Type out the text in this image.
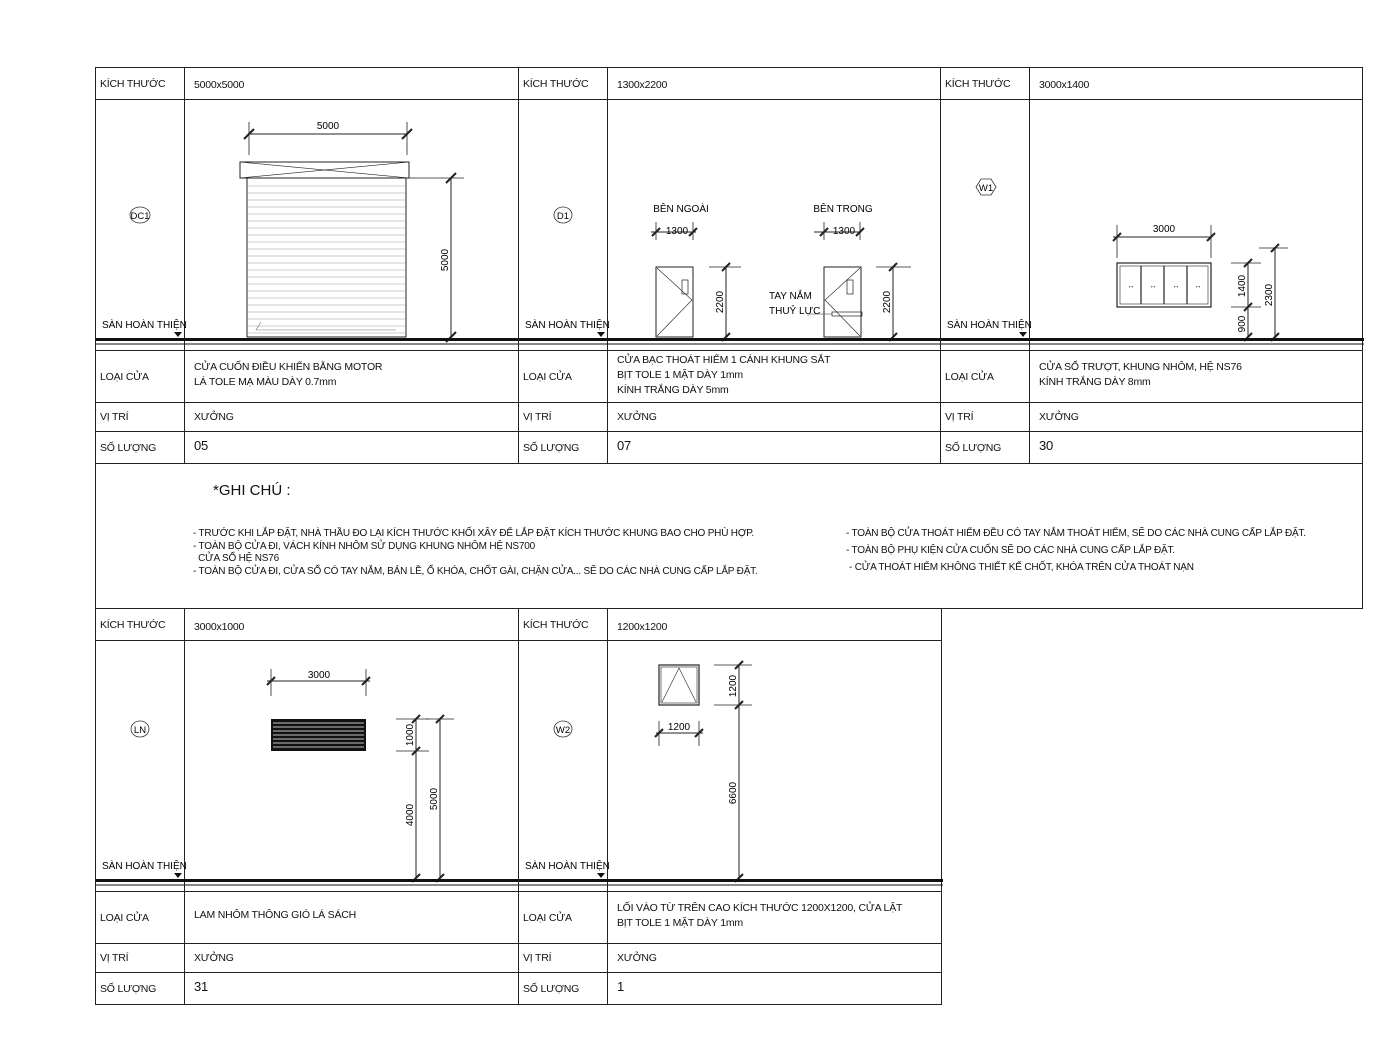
KÍCH THƯỚC	5000x5000
DC1
5000
5000
SÀN HOÀN THIỆN
LOẠI CỬA
CỬA CUỐN ĐIỀU KHIỂN BẰNG MOTOR
LÁ TOLE MẠ MÀU DÀY 0.7mm
VỊ TRÍ	XƯỞNG
SỐ LƯỢNG	05
KÍCH THƯỚC	1300x2200
D1
BÊN NGOÀI
1300
2200
BÊN TRONG
1300
TAY NẮM
THUỶ LỰC	2200
SÀN HOÀN THIỆN
LOẠI CỬA
CỬA BẠC THOÁT HIỂM 1 CÁNH KHUNG SẮT
BỊT TOLE 1 MẶT DÀY 1mm
KÍNH TRẮNG DÀY 5mm
VỊ TRÍ	XƯỞNG
SỐ LƯỢNG	07
KÍCH THƯỚC	3000x1400
W1
3000
↔ ↔ ↔ ↔	1400
900
2300
SÀN HOÀN THIỆN
LOẠI CỬA
CỬA SỔ TRƯỢT, KHUNG NHÔM, HỆ NS76
KÍNH TRẮNG DÀY 8mm
VỊ TRÍ	XƯỞNG
SỐ LƯỢNG	30
*GHI CHÚ :
- TRƯỚC KHI LẮP ĐẶT, NHÀ THẦU ĐO LẠI KÍCH THƯỚC KHỐI XÂY ĐỂ LẮP ĐẶT KÍCH THƯỚC KHUNG BAO CHO PHÙ HỢP.
- TOÀN BỘ CỬA ĐI, VÁCH KÍNH NHÔM SỬ DỤNG KHUNG NHÔM HỆ NS700
CỬA SỔ HỆ NS76
- TOÀN BỘ CỬA ĐI, CỬA SỔ CÓ TAY NẮM, BẢN LỀ, Ổ KHÓA, CHỐT GÀI, CHẶN CỬA... SẼ DO CÁC NHÀ CUNG CẤP LẮP ĐẶT.
- TOÀN BỘ CỬA THOÁT HIỂM ĐỀU CÓ TAY NẮM THOÁT HIỂM, SẼ DO CÁC NHÀ CUNG CẤP LẮP ĐẶT.
- TOÀN BỘ PHỤ KIỆN CỬA CUỐN SẼ DO CÁC NHÀ CUNG CẤP LẮP ĐẶT.
- CỬA THOÁT HIỂM KHÔNG THIẾT KẾ CHỐT, KHÓA TRÊN CỬA THOÁT NẠN
KÍCH THƯỚC	3000x1000
LN
3000
1000
4000
5000
SÀN HOÀN THIỆN
LOẠI CỬA	LAM NHÔM THÔNG GIÓ LÁ SÁCH
VỊ TRÍ	XƯỞNG
SỐ LƯỢNG	31
KÍCH THƯỚC	1200x1200
W2
1200
6600
1200
SÀN HOÀN THIỆN
LOẠI CỬA
LỐI VÀO TỪ TRÊN CAO KÍCH THƯỚC 1200X1200, CỬA LẬT
BỊT TOLE 1 MẶT DÀY 1mm
VỊ TRÍ	XƯỞNG
SỐ LƯỢNG	1
